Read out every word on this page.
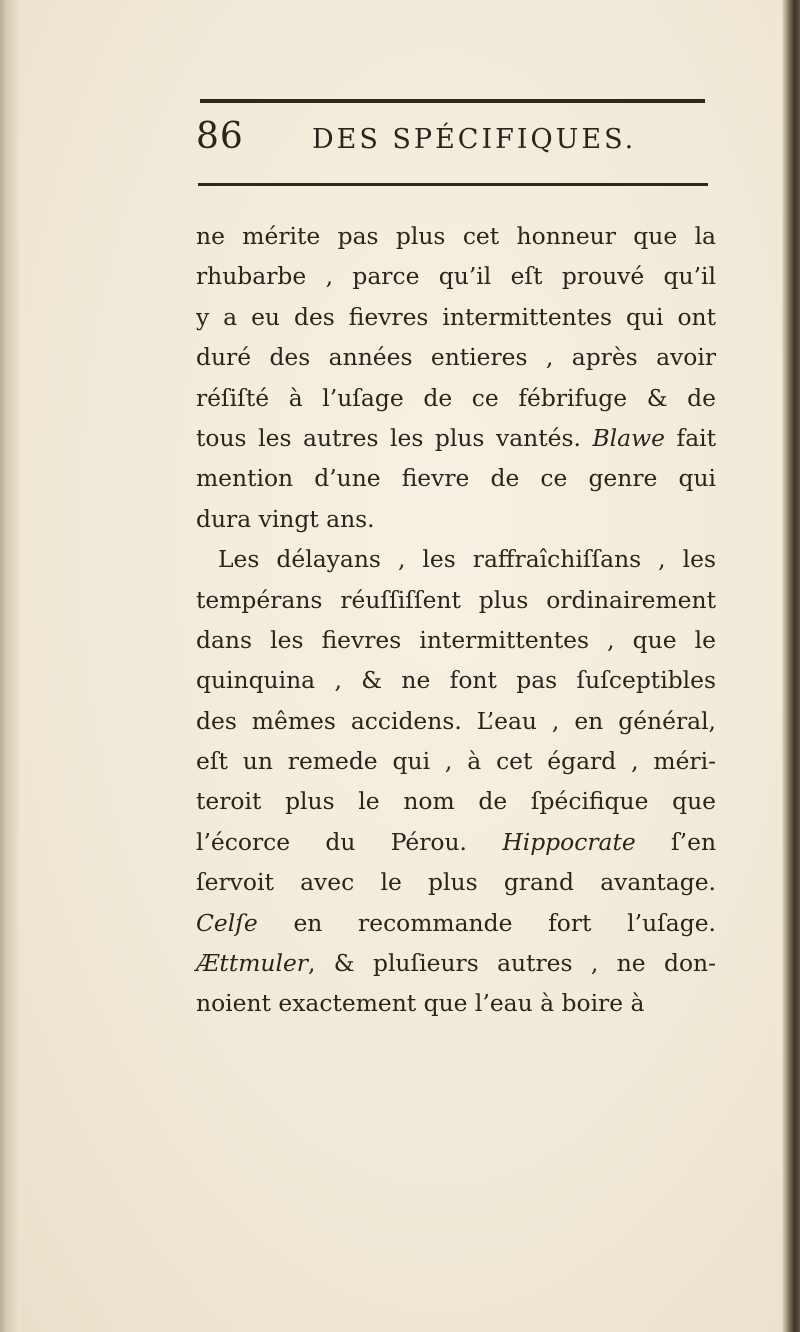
86	DES SPÉCIFIQUES.
ne mérite pas plus cet honneur que la
rhubarbe , parce qu’il eſt prouvé qu’il
y a eu des fievres intermittentes qui ont
duré des années entieres , après avoir
réſiſté à l’uſage de ce fébrifuge & de
tous les autres les plus vantés. Blawe fait
mention d’une fievre de ce genre qui
dura vingt ans.
Les délayans , les raffraîchiſſans , les
tempérans réuſſiſſent plus ordinairement
dans les fievres intermittentes , que le
quinquina , & ne font pas ſuſceptibles
des mêmes accidens. L’eau , en général,
eſt un remede qui , à cet égard , méri-
teroit plus le nom de ſpécifique que
l’écorce du Pérou. Hippocrate ſ’en
ſervoit avec le plus grand avantage.
Celſe en recommande fort l’uſage.
Ættmuler, & pluſieurs autres , ne don-
noient exactement que l’eau à boire à
